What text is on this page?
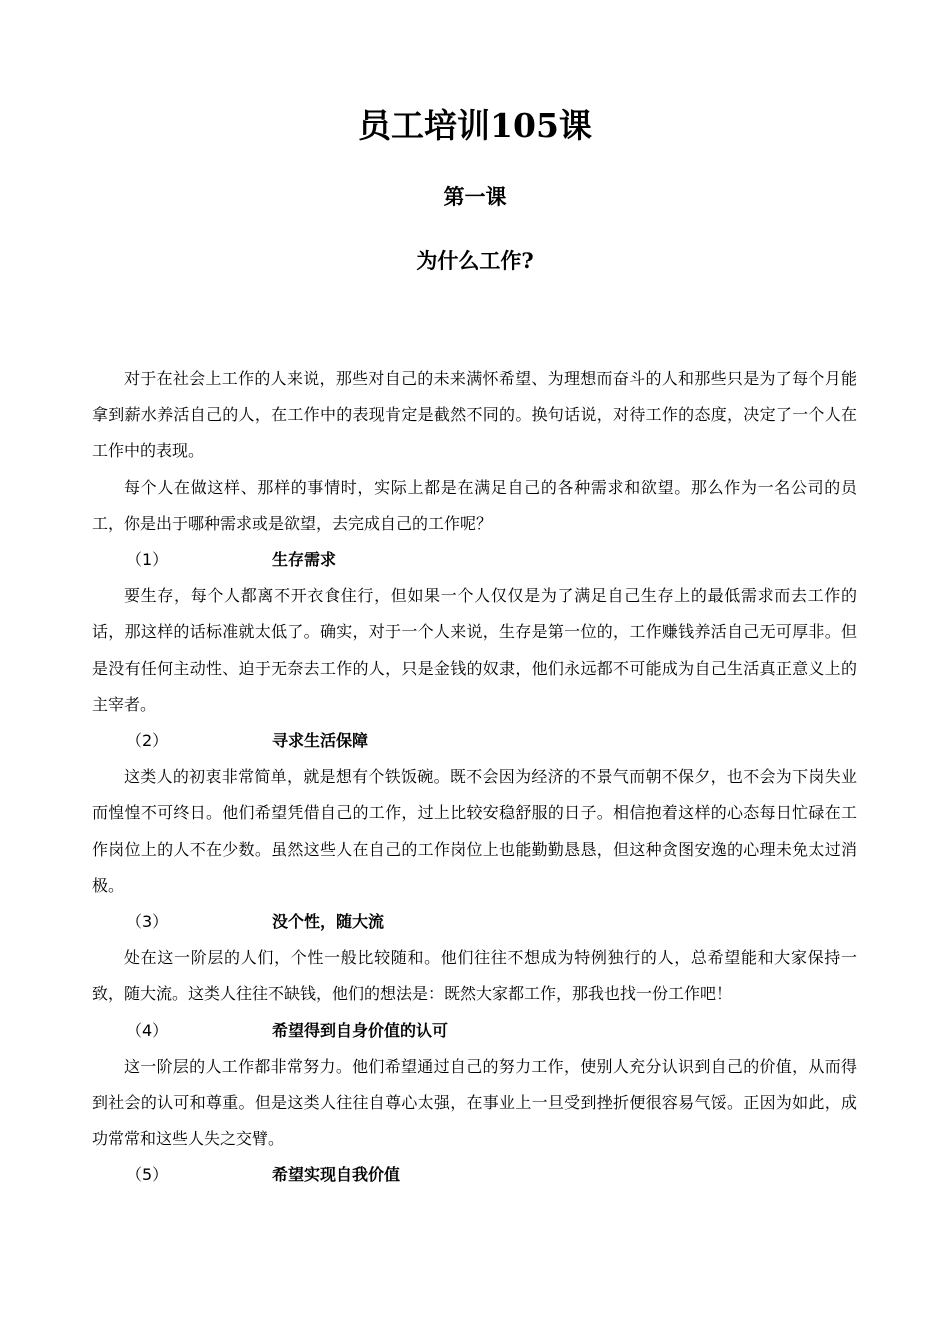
员工培训105课
第一课
为什么工作?

对于在社会上工作的人来说，那些对自己的未来满怀希望、为理想而奋斗的人和那些只是为了每个月能拿到薪水养活自己的人，在工作中的表现肯定是截然不同的。换句话说，对待工作的态度，决定了一个人在工作中的表现。

每个人在做这样、那样的事情时，实际上都是在满足自己的各种需求和欲望。那么作为一名公司的员工，你是出于哪种需求或是欲望，去完成自己的工作呢？

（1）	生存需求

要生存，每个人都离不开衣食住行，但如果一个人仅仅是为了满足自己生存上的最低需求而去工作的话，那这样的话标准就太低了。确实，对于一个人来说，生存是第一位的，工作赚钱养活自己无可厚非。但是没有任何主动性、迫于无奈去工作的人，只是金钱的奴隶，他们永远都不可能成为自己生活真正意义上的主宰者。

（2）	寻求生活保障

这类人的初衷非常简单，就是想有个铁饭碗。既不会因为经济的不景气而朝不保夕，也不会为下岗失业而惶惶不可终日。他们希望凭借自己的工作，过上比较安稳舒服的日子。相信抱着这样的心态每日忙碌在工作岗位上的人不在少数。虽然这些人在自己的工作岗位上也能勤勤恳恳，但这种贪图安逸的心理未免太过消极。

（3）	没个性，随大流

处在这一阶层的人们，个性一般比较随和。他们往往不想成为特例独行的人，总希望能和大家保持一致，随大流。这类人往往不缺钱，他们的想法是：既然大家都工作，那我也找一份工作吧！

（4）	希望得到自身价值的认可

这一阶层的人工作都非常努力。他们希望通过自己的努力工作，使别人充分认识到自己的价值，从而得到社会的认可和尊重。但是这类人往往自尊心太强，在事业上一旦受到挫折便很容易气馁。正因为如此，成功常常和这些人失之交臂。

（5）	希望实现自我价值
